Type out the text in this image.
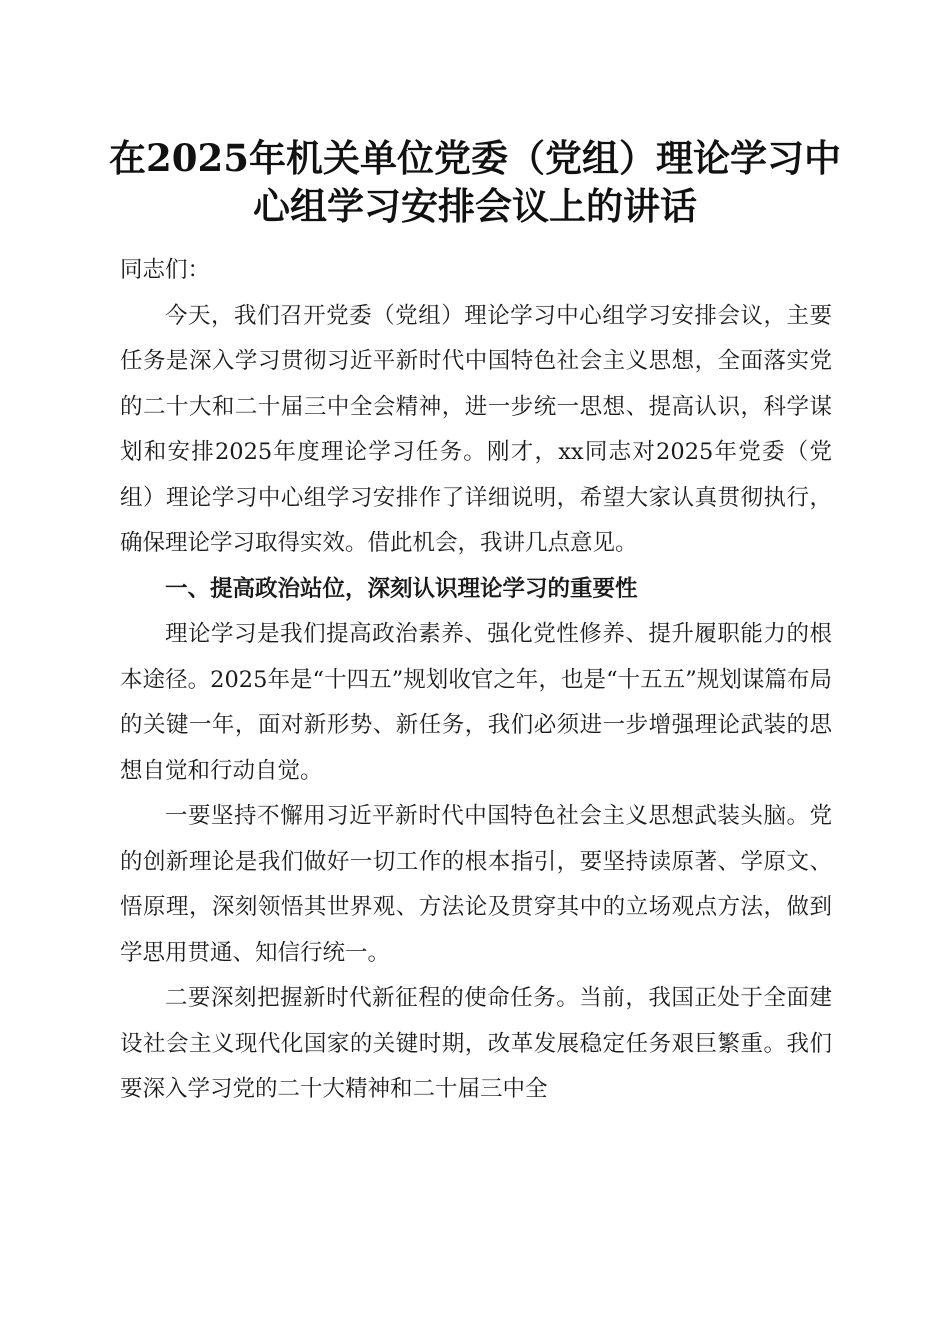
在2025年机关单位党委（党组）理论学习中
心组学习安排会议上的讲话

同志们：

今天，我们召开党委（党组）理论学习中心组学习安排会议，主要任务是深入学习贯彻习近平新时代中国特色社会主义思想，全面落实党的二十大和二十届三中全会精神，进一步统一思想、提高认识，科学谋划和安排2025年度理论学习任务。刚才，xx同志对2025年党委（党组）理论学习中心组学习安排作了详细说明，希望大家认真贯彻执行，确保理论学习取得实效。借此机会，我讲几点意见。

一、提高政治站位，深刻认识理论学习的重要性

理论学习是我们提高政治素养、强化党性修养、提升履职能力的根本途径。2025年是“十四五”规划收官之年，也是“十五五”规划谋篇布局的关键一年，面对新形势、新任务，我们必须进一步增强理论武装的思想自觉和行动自觉。

一要坚持不懈用习近平新时代中国特色社会主义思想武装头脑。党的创新理论是我们做好一切工作的根本指引，要坚持读原著、学原文、悟原理，深刻领悟其世界观、方法论及贯穿其中的立场观点方法，做到学思用贯通、知信行统一。

二要深刻把握新时代新征程的使命任务。当前，我国正处于全面建设社会主义现代化国家的关键时期，改革发展稳定任务艰巨繁重。我们要深入学习党的二十大精神和二十届三中全
